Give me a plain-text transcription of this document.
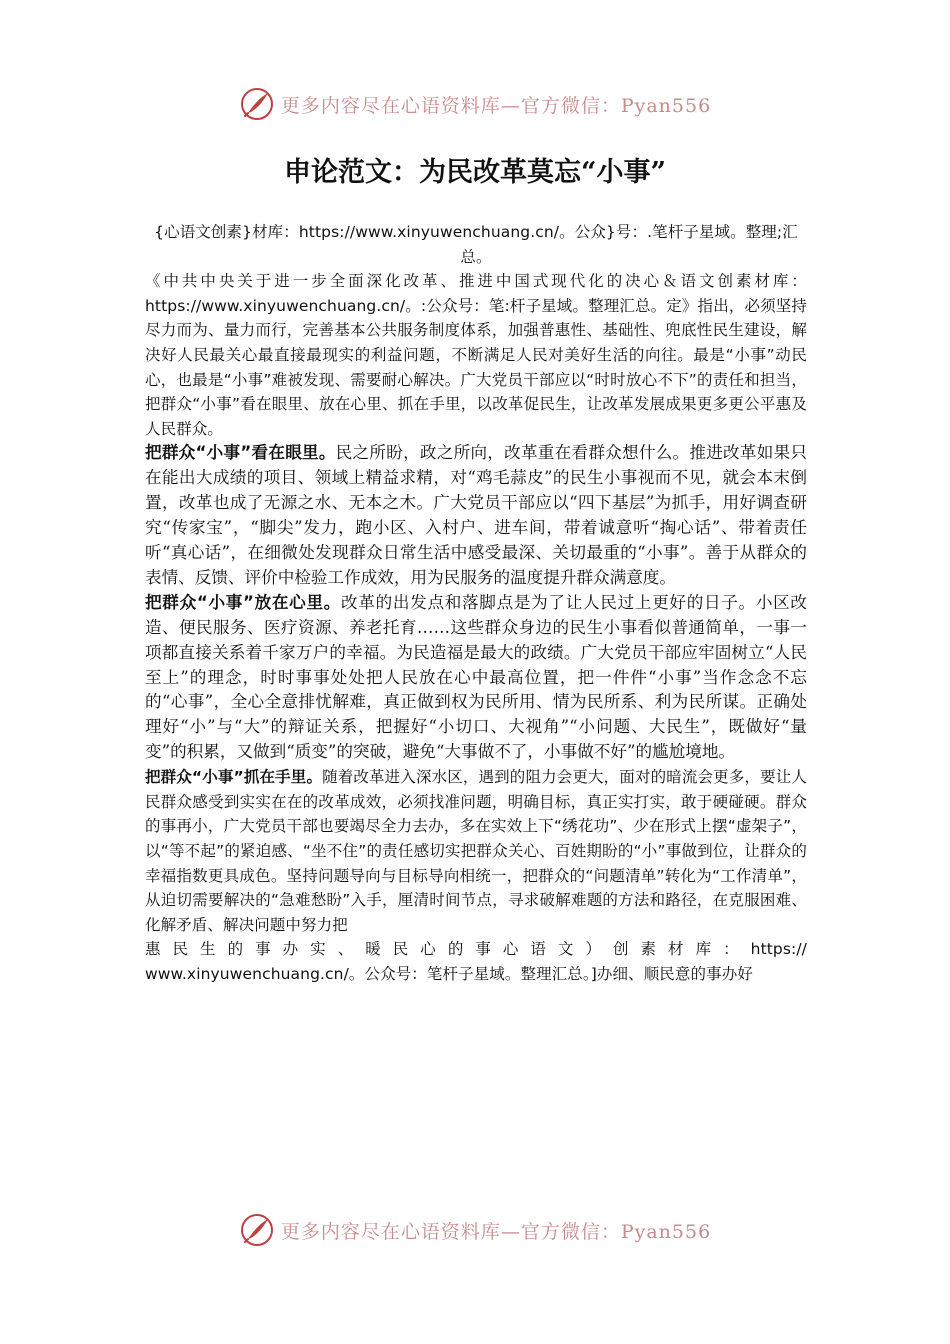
更多内容尽在心语资料库—官方微信：Pyan556
申论范文：为民改革莫忘“小事”

{心语文创素}材库：https://www.xinyuwenchuang.cn/。公众}号：.笔杆子星域。整理;汇总。

《中共中央关于进一步全面深化改革、推进中国式现代化的决心＆语文创素材库：https://www.xinyuwenchuang.cn/。:公众号：笔:杆子星域。整理汇总。定》指出，必须坚持尽力而为、量力而行，完善基本公共服务制度体系，加强普惠性、基础性、兜底性民生建设，解决好人民最关心最直接最现实的利益问题，不断满足人民对美好生活的向往。最是“小事”动民心，也最是“小事”难被发现、需要耐心解决。广大党员干部应以“时时放心不下”的责任和担当，把群众“小事”看在眼里、放在心里、抓在手里，以改革促民生，让改革发展成果更多更公平惠及人民群众。

把群众“小事”看在眼里。民之所盼，政之所向，改革重在看群众想什么。推进改革如果只在能出大成绩的项目、领域上精益求精，对“鸡毛蒜皮”的民生小事视而不见，就会本末倒置，改革也成了无源之水、无本之木。广大党员干部应以“四下基层”为抓手，用好调查研究“传家宝”，“脚尖”发力，跑小区、入村户、进车间，带着诚意听“掏心话”、带着责任听“真心话”，在细微处发现群众日常生活中感受最深、关切最重的“小事”。善于从群众的表情、反馈、评价中检验工作成效，用为民服务的温度提升群众满意度。

把群众“小事”放在心里。改革的出发点和落脚点是为了让人民过上更好的日子。小区改造、便民服务、医疗资源、养老托育……这些群众身边的民生小事看似普通简单，一事一项都直接关系着千家万户的幸福。为民造福是最大的政绩。广大党员干部应牢固树立“人民至上”的理念，时时事事处处把人民放在心中最高位置，把一件件“小事”当作念念不忘的“心事”，全心全意排忧解难，真正做到权为民所用、情为民所系、利为民所谋。正确处理好“小”与“大”的辩证关系，把握好“小切口、大视角”“小问题、大民生”，既做好“量变”的积累，又做到“质变”的突破，避免“大事做不了，小事做不好”的尴尬境地。

把群众“小事”抓在手里。随着改革进入深水区，遇到的阻力会更大，面对的暗流会更多，要让人民群众感受到实实在在的改革成效，必须找准问题，明确目标，真正实打实，敢于硬碰硬。群众的事再小，广大党员干部也要竭尽全力去办，多在实效上下“绣花功”、少在形式上摆“虚架子”，以“等不起”的紧迫感、“坐不住”的责任感切实把群众关心、百姓期盼的“小”事做到位，让群众的幸福指数更具成色。坚持问题导向与目标导向相统一，把群众的“问题清单”转化为“工作清单”，从迫切需要解决的“急难愁盼”入手，厘清时间节点，寻求破解难题的方法和路径，在克服困难、化解矛盾、解决问题中努力把

惠民生的事办实、暖民心的事心语文）创素材库：https://

www.xinyuwenchuang.cn/。公众号：笔杆子星域。整理汇总。]办细、顺民意的事办好

更多内容尽在心语资料库—官方微信：Pyan556
